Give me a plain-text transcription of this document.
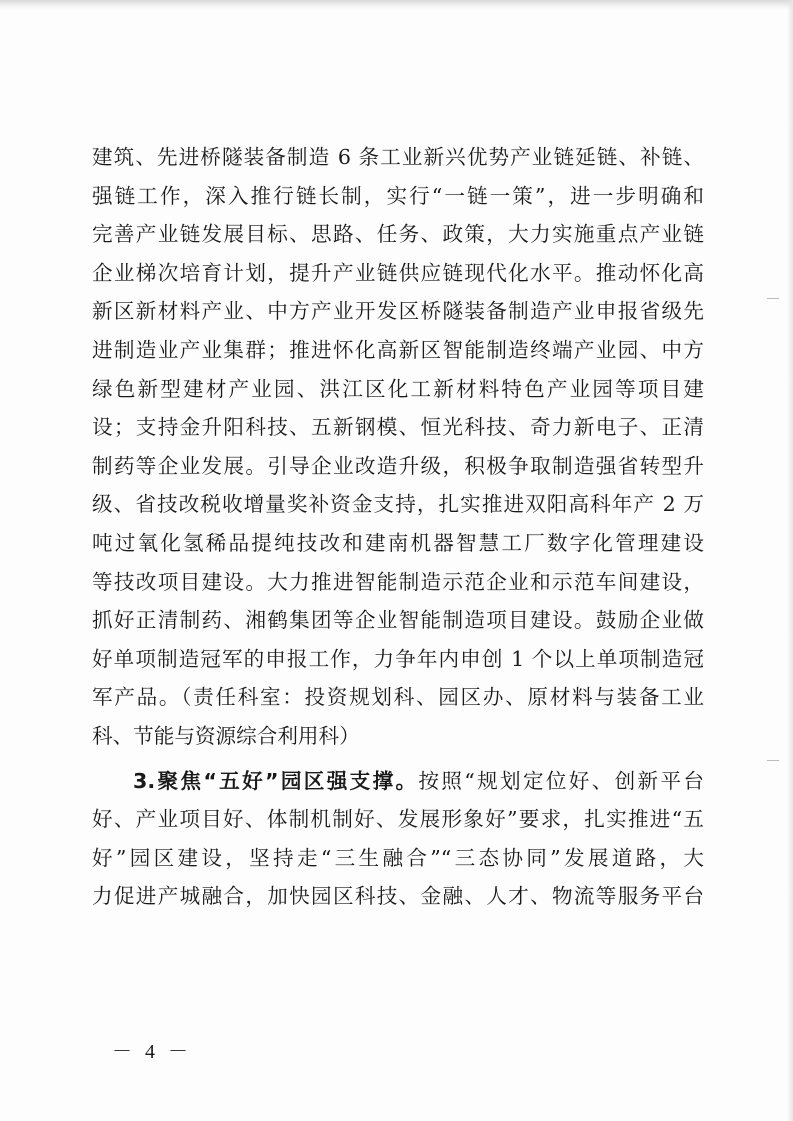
建筑、先进桥隧装备制造 6 条工业新兴优势产业链延链、补链、
强链工作，深入推行链长制，实行“一链一策”，进一步明确和
完善产业链发展目标、思路、任务、政策，大力实施重点产业链
企业梯次培育计划，提升产业链供应链现代化水平。推动怀化高
新区新材料产业、中方产业开发区桥隧装备制造产业申报省级先
进制造业产业集群；推进怀化高新区智能制造终端产业园、中方
绿色新型建材产业园、洪江区化工新材料特色产业园等项目建
设；支持金升阳科技、五新钢模、恒光科技、奇力新电子、正清
制药等企业发展。引导企业改造升级，积极争取制造强省转型升
级、省技改税收增量奖补资金支持，扎实推进双阳高科年产 2 万
吨过氧化氢稀品提纯技改和建南机器智慧工厂数字化管理建设
等技改项目建设。大力推进智能制造示范企业和示范车间建设，
抓好正清制药、湘鹤集团等企业智能制造项目建设。鼓励企业做
好单项制造冠军的申报工作，力争年内申创 1 个以上单项制造冠
军产品。（责任科室：投资规划科、园区办、原材料与装备工业
科、节能与资源综合利用科）
3.聚焦“五好”园区强支撑。按照“规划定位好、创新平台
好、产业项目好、体制机制好、发展形象好”要求，扎实推进“五
好”园区建设，坚持走“三生融合”“三态协同”发展道路，大
力促进产城融合，加快园区科技、金融、人才、物流等服务平台
－ 4 －
